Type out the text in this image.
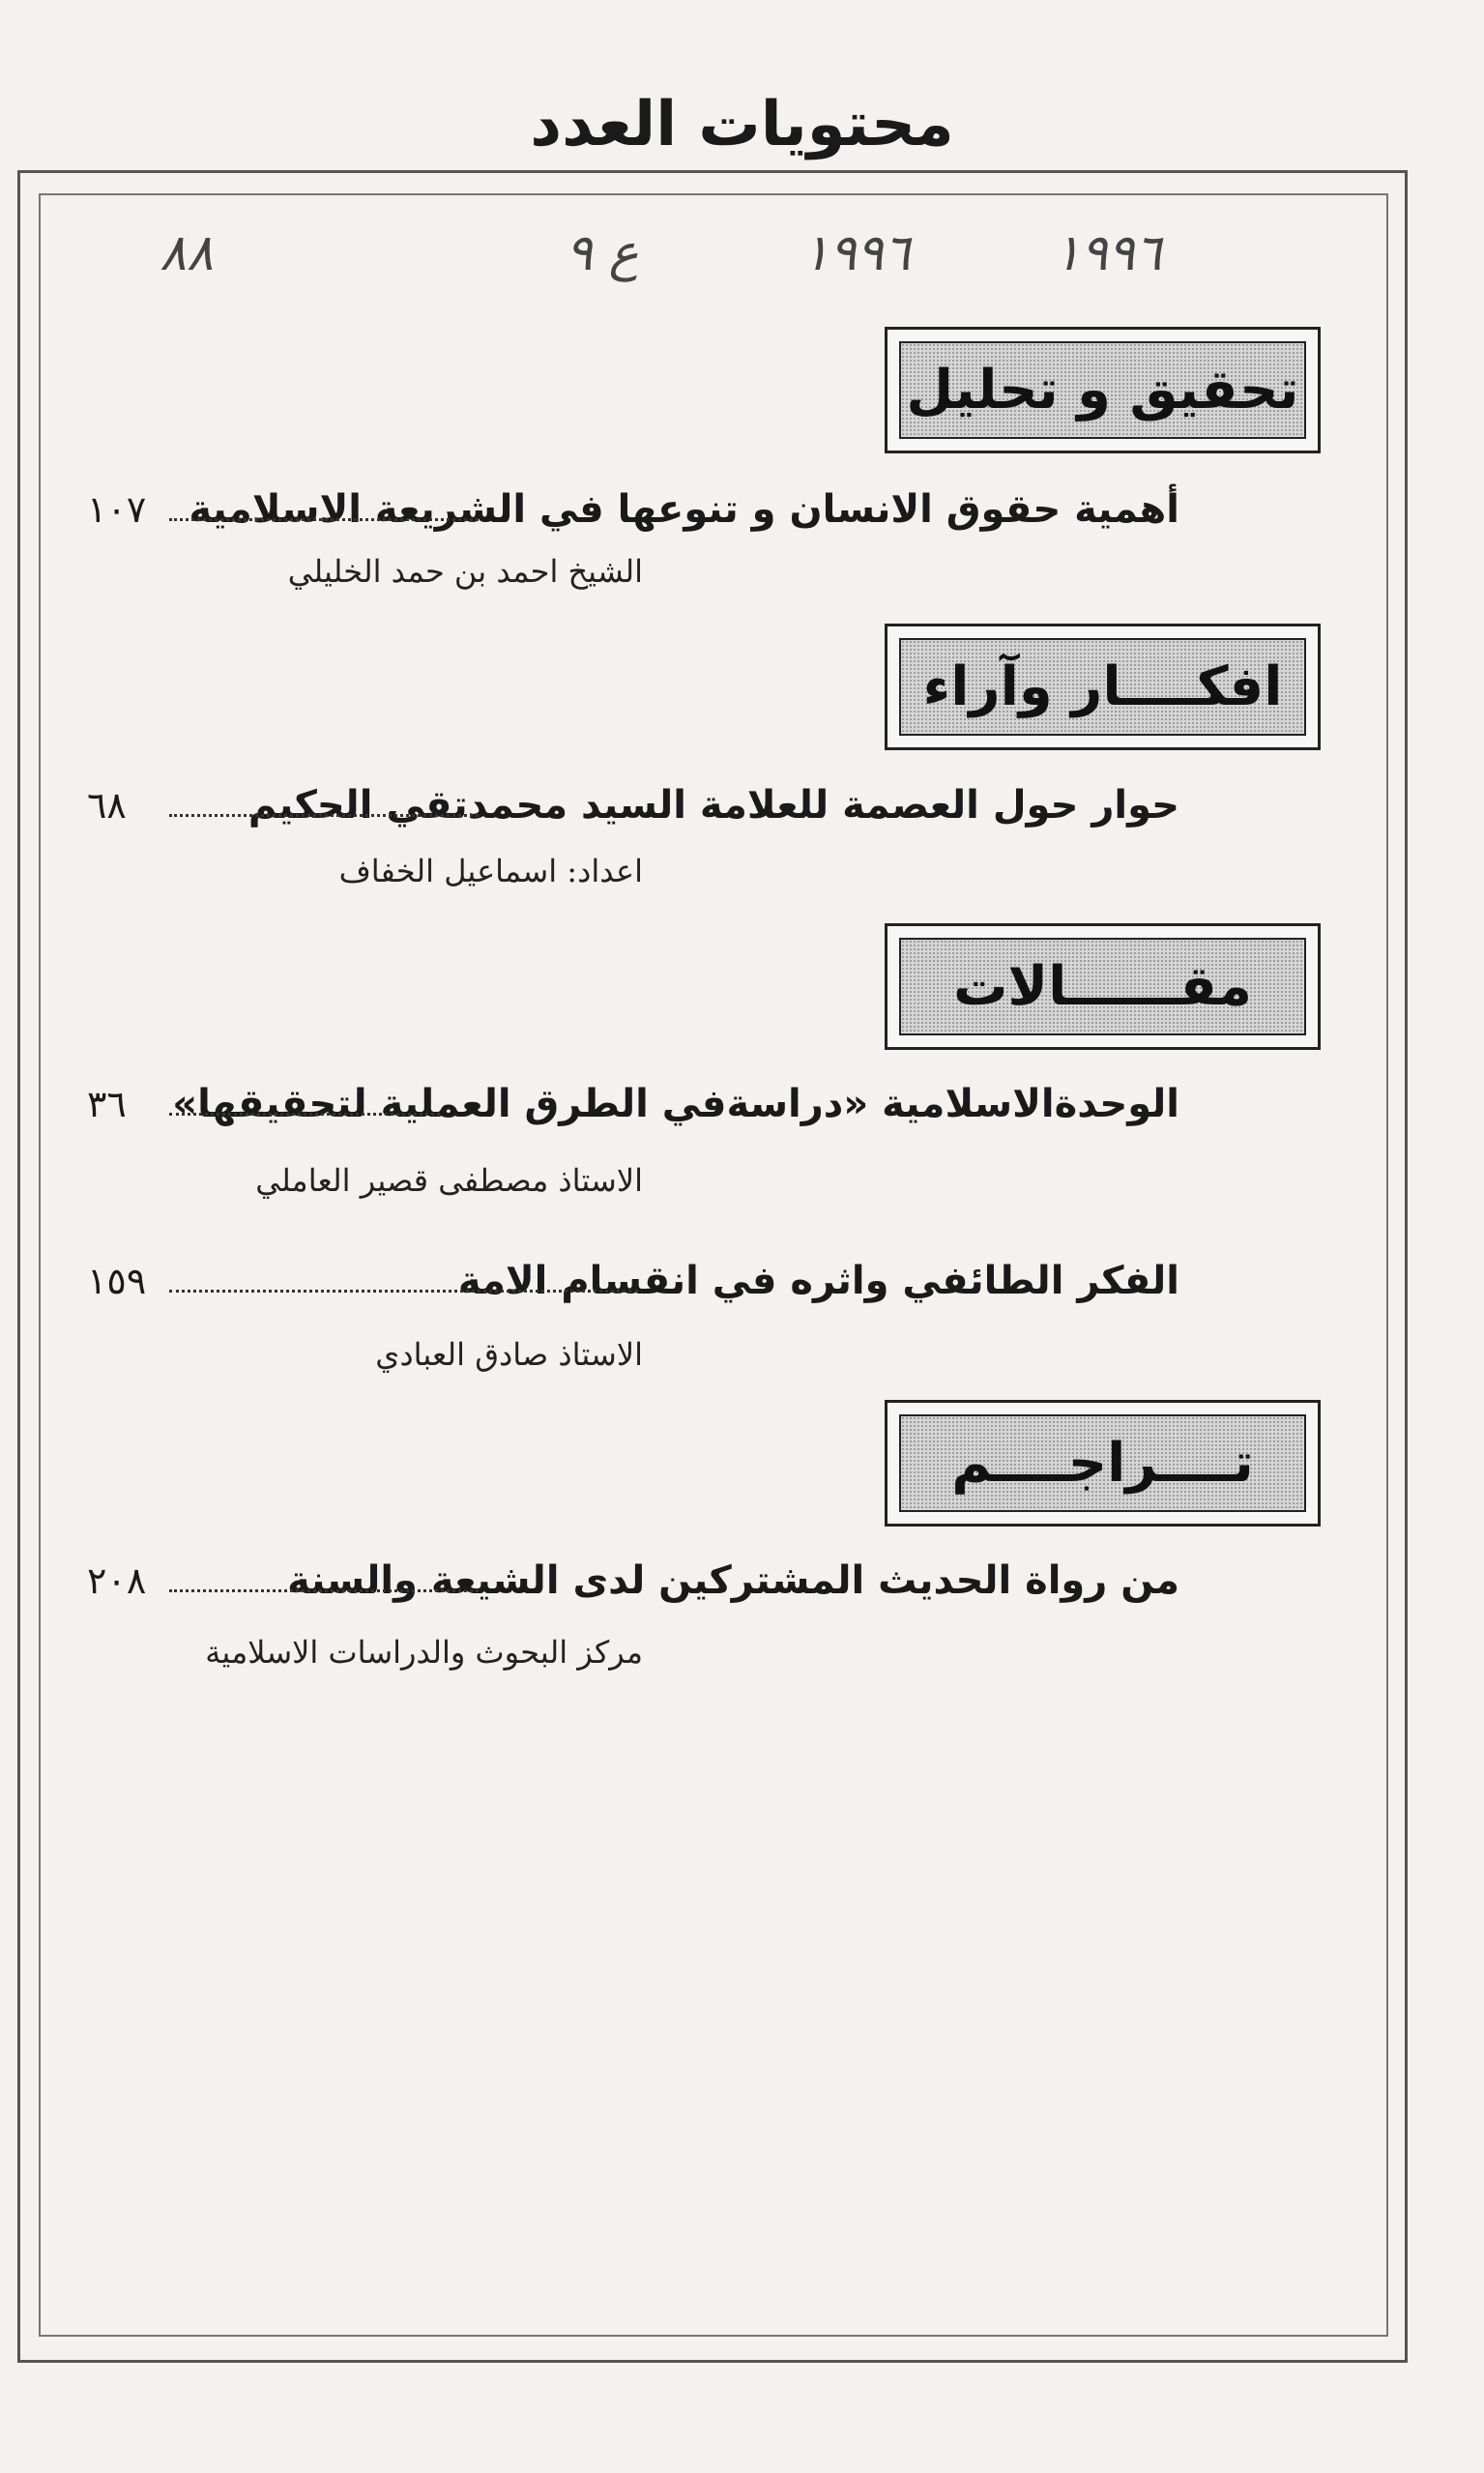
محتويات العدد
١٩٩٦
١٩٩٦
ع ٩
٨٨
تحقيق و تحليل
أهمية حقوق الانسان و تنوعها في الشريعة الاسلامية
١٠٧
الشيخ احمد بن حمد الخليلي
افكــــار وآراء
حوار حول العصمة للعلامة السيد محمدتقي الحكيم
٦٨
اعداد: اسماعيل الخفاف
مقــــــالات
الوحدةالاسلامية «دراسةفي الطرق العملية لتحقيقها»
٣٦
الاستاذ مصطفى قصير العاملي
الفكر الطائفي واثره في انقسام الامة
١٥٩
الاستاذ صادق العبادي
تــــراجــــم
من رواة الحديث المشتركين لدى الشيعة والسنة
٢٠٨
مركز البحوث والدراسات الاسلامية
